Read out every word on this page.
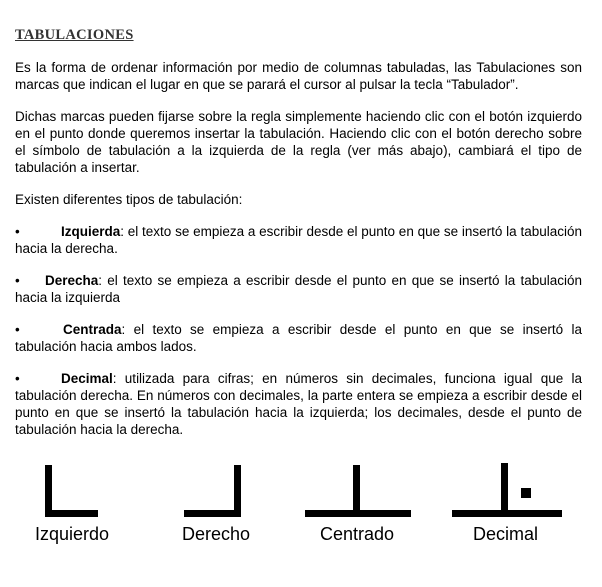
TABULACIONES

Es la forma de ordenar información por medio de columnas tabuladas, las Tabulaciones son marcas que indican el lugar en que se parará el cursor al pulsar la tecla “Tabulador”.

Dichas marcas pueden fijarse sobre la regla simplemente haciendo clic con el botón izquierdo en el punto donde queremos insertar la tabulación. Haciendo clic con el botón derecho sobre el símbolo de tabulación a la izquierda de la regla (ver más abajo), cambiará el tipo de tabulación a insertar.

Existen diferentes tipos de tabulación:

•	Izquierda: el texto se empieza a escribir desde el punto en que se insertó la tabulación hacia la derecha.

• Derecha: el texto se empieza a escribir desde el punto en que se insertó la tabulación hacia la izquierda

•	Centrada: el texto se empieza a escribir desde el punto en que se insertó la tabulación hacia ambos lados.

•	Decimal: utilizada para cifras; en números sin decimales, funciona igual que la tabulación derecha. En números con decimales, la parte entera se empieza a escribir desde el punto en que se insertó la tabulación hacia la izquierda; los decimales, desde el punto de tabulación hacia la derecha.

Izquierdo	Derecho	Centrado	Decimal
